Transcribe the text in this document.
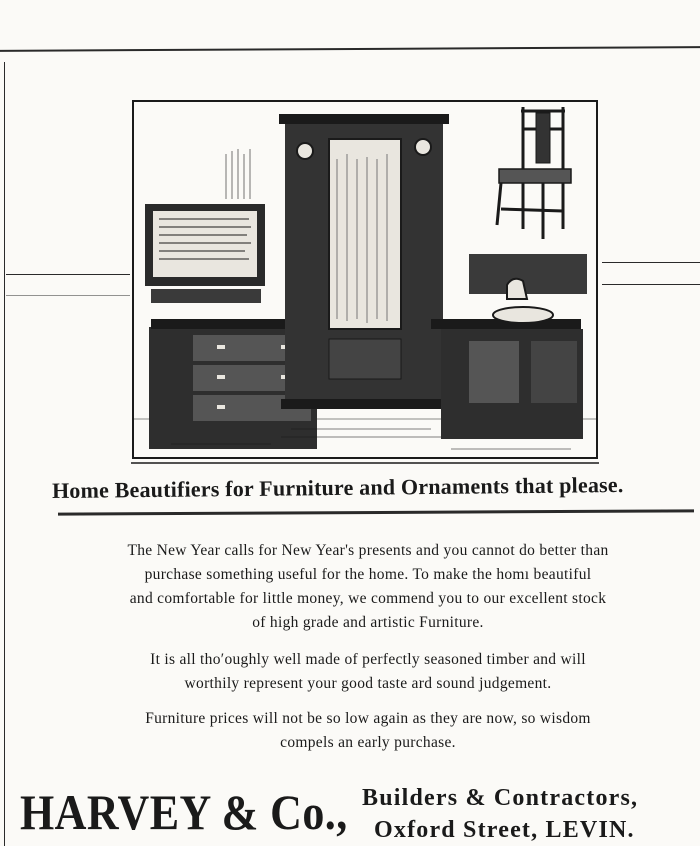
Home Beautifiers for Furniture and Ornaments that please.
The New Year calls for New Year's presents and you cannot do better than
purchase something useful for the home. To make the homı beautiful
and comfortable for little money, we commend you to our excellent stock
of high grade and artistic Furniture.
It is all tho′oughly well made of perfectly seasoned timber and will
worthily represent your good taste ard sound judgement.
Furniture prices will not be so low again as they are now, so wisdom
compels an early purchase.
HARVEY & Co., Builders & Contractors,
Oxford Street, LEVIN.
